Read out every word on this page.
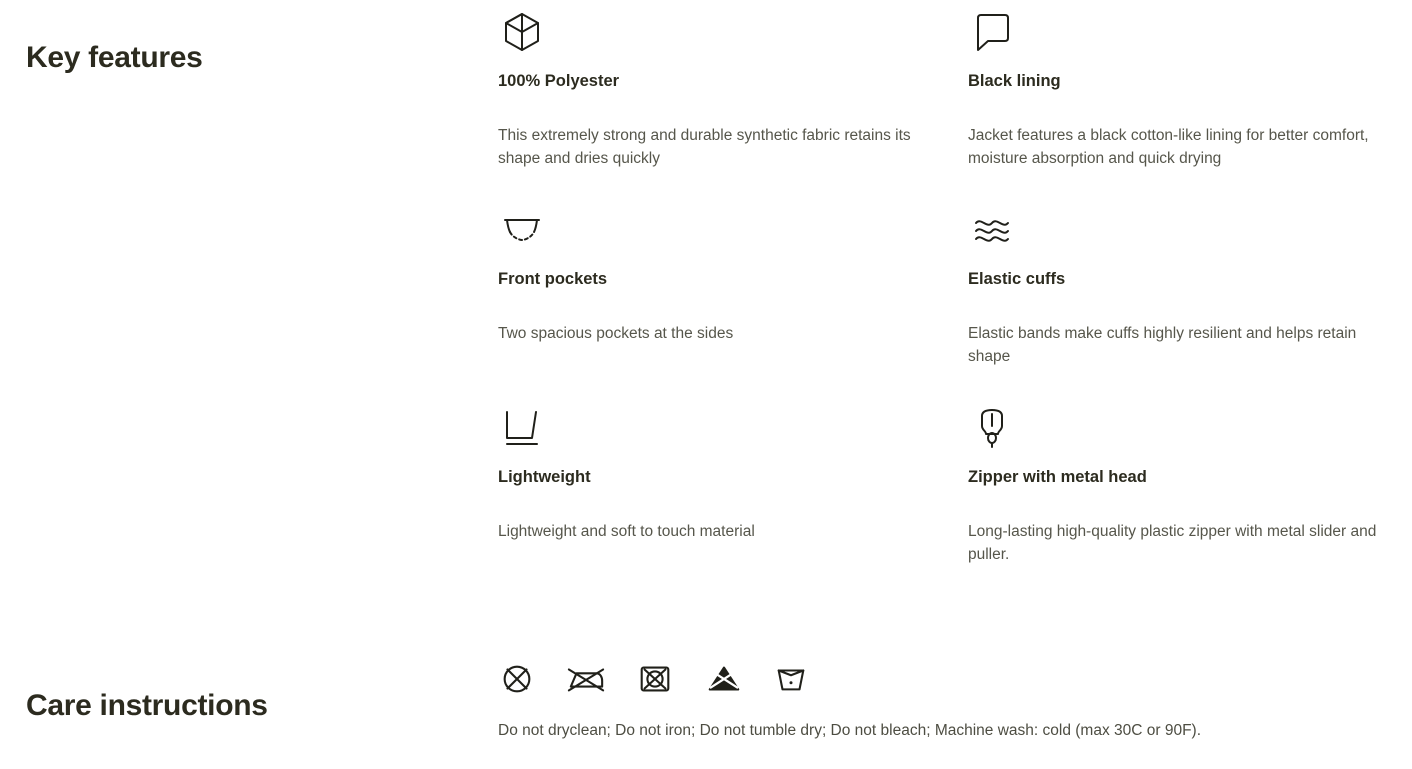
Key features
100% Polyester
This extremely strong and durable synthetic fabric retains its shape and dries quickly
Black lining
Jacket features a black cotton-like lining for better comfort, moisture absorption and quick drying
Front pockets
Two spacious pockets at the sides
Elastic cuffs
Elastic bands make cuffs highly resilient and helps retain shape
Lightweight
Lightweight and soft to touch material
Zipper with metal head
Long-lasting high-quality plastic zipper with metal slider and puller.
Care instructions
Do not dryclean; Do not iron; Do not tumble dry; Do not bleach; Machine wash: cold (max 30C or 90F).
